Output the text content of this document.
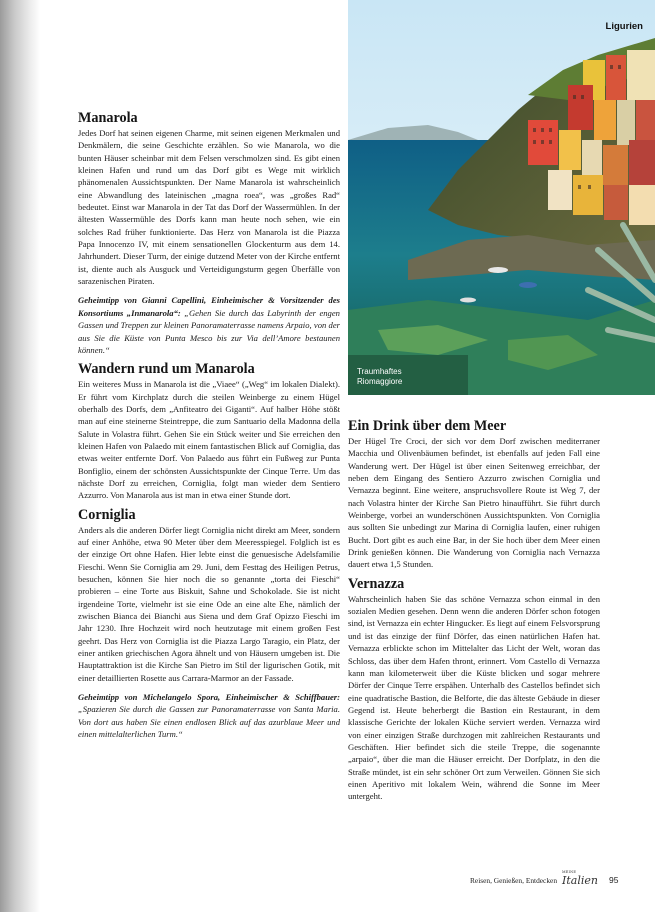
Ligurien
Traumhaftes
Riomaggiore
Manarola

Jedes Dorf hat seinen eigenen Charme, mit seinen eigenen Merkmalen und Denkmälern, die seine Geschichte erzählen. So wie Manarola, wo die bunten Häuser scheinbar mit dem Felsen verschmolzen sind. Es gibt einen kleinen Hafen und rund um das Dorf gibt es Wege mit wirklich phänomenalen Aussichtspunkten. Der Name Manarola ist wahrscheinlich eine Abwandlung des lateinischen „magna roea“, was „großes Rad“ bedeutet. Einst war Manarola in der Tat das Dorf der Wassermühlen. In der ältesten Wassermühle des Dorfs kann man heute noch sehen, wie ein solches Rad früher funktionierte. Das Herz von Manarola ist die Piazza Papa Innocenzo IV, mit einem sensationellen Glockenturm aus dem 14. Jahrhundert. Dieser Turm, der einige dutzend Meter von der Kirche entfernt ist, diente auch als Ausguck und Verteidigungsturm gegen Überfälle von sarazenischen Piraten.

Geheimtipp von Gianni Capellini, Einheimischer & Vorsitzender des Konsortiums „Inmanarola“: „Gehen Sie durch das Labyrinth der engen Gassen und Treppen zur kleinen Panoramaterrasse namens Arpaio, von der aus Sie die Küste von Punta Mesco bis zur Via dell’Amore bestaunen können.“

Wandern rund um Manarola

Ein weiteres Muss in Manarola ist die „Viaee“ („Weg“ im lokalen Dialekt). Er führt vom Kirchplatz durch die steilen Weinberge zu einem Hügel oberhalb des Dorfs, dem „Anfiteatro dei Giganti“. Auf halber Höhe stößt man auf eine steinerne Steintreppe, die zum Santuario della Madonna della Salute in Volastra führt. Gehen Sie ein Stück weiter und Sie erreichen den kleinen Hafen von Palaedo mit einem fantastischen Blick auf Corniglia, das etwas weiter entfernte Dorf. Von Palaedo aus führt ein Fußweg zur Punta Bonfiglio, einem der schönsten Aussichtspunkte der Cinque Terre. Um das nächste Dorf zu erreichen, Corniglia, folgt man wieder dem Sentiero Azzurro. Von Manarola aus ist man in etwa einer Stunde dort.

Corniglia

Anders als die anderen Dörfer liegt Corniglia nicht direkt am Meer, sondern auf einer Anhöhe, etwa 90 Meter über dem Meeresspiegel. Folglich ist es der einzige Ort ohne Hafen. Hier lebte einst die genuesische Adelsfamilie Fieschi. Wenn Sie Corniglia am 29. Juni, dem Festtag des Heiligen Petrus, besuchen, können Sie hier noch die so genannte „torta dei Fieschi“ probieren – eine Torte aus Biskuit, Sahne und Schokolade. Sie ist nicht irgendeine Torte, vielmehr ist sie eine Ode an eine alte Ehe, nämlich der zwischen Bianca dei Bianchi aus Siena und dem Graf Opizzo Fieschi im Jahr 1230. Ihre Hochzeit wird noch heutzutage mit einem großen Fest geehrt. Das Herz von Corniglia ist die Piazza Largo Taragio, ein Platz, der einer antiken griechischen Agora ähnelt und von Häusern umgeben ist. Die Hauptattraktion ist die Kirche San Pietro im Stil der ligurischen Gotik, mit einer detaillierten Rosette aus Carrara-Marmor an der Fassade.

Geheimtipp von Michelangelo Spora, Einheimischer & Schiffbauer: „Spazieren Sie durch die Gassen zur Panoramaterrasse von Santa Maria. Von dort aus haben Sie einen endlosen Blick auf das azurblaue Meer und einen mittelalterlichen Turm.“

Ein Drink über dem Meer

Der Hügel Tre Croci, der sich vor dem Dorf zwischen mediterraner Macchia und Olivenbäumen befindet, ist ebenfalls auf jeden Fall eine Wanderung wert. Der Hügel ist über einen Seitenweg erreichbar, der neben dem Eingang des Sentiero Azzurro zwischen Corniglia und Vernazza beginnt. Eine weitere, anspruchsvollere Route ist Weg 7, der nach Volastra hinter der Kirche San Pietro hinaufführt. Sie führt durch Weinberge, vorbei an wunderschönen Aussichtspunkten. Von Corniglia aus sollten Sie unbedingt zur Marina di Corniglia laufen, einer ruhigen Bucht. Dort gibt es auch eine Bar, in der Sie hoch über dem Meer einen Drink genießen können. Die Wanderung von Corniglia nach Vernazza dauert etwa 1,5 Stunden.

Vernazza

Wahrscheinlich haben Sie das schöne Vernazza schon einmal in den sozialen Medien gesehen. Denn wenn die anderen Dörfer schon fotogen sind, ist Vernazza ein echter Hingucker. Es liegt auf einem Felsvorsprung und ist das einzige der fünf Dörfer, das einen natürlichen Hafen hat. Vernazza erblickte schon im Mittelalter das Licht der Welt, woran das Schloss, das über dem Hafen thront, erinnert. Vom Castello di Vernazza kann man kilometerweit über die Küste blicken und sogar mehrere Dörfer der Cinque Terre erspähen. Unterhalb des Castellos befindet sich eine quadratische Bastion, die Belforte, die das älteste Gebäude in dieser Gegend ist. Heute beherbergt die Bastion ein Restaurant, in dem klassische Gerichte der lokalen Küche serviert werden. Vernazza wird von einer einzigen Straße durchzogen mit zahlreichen Restaurants und Geschäften. Hier befindet sich die steile Treppe, die sogenannte „arpaio“, über die man die Häuser erreicht. Der Dorfplatz, in den die Straße mündet, ist ein sehr schöner Ort zum Verweilen. Gönnen Sie sich einen Aperitivo mit lokalem Wein, während die Sonne im Meer untergeht.

Reisen, Genießen, Entdecken
MEINE
Italien 95
